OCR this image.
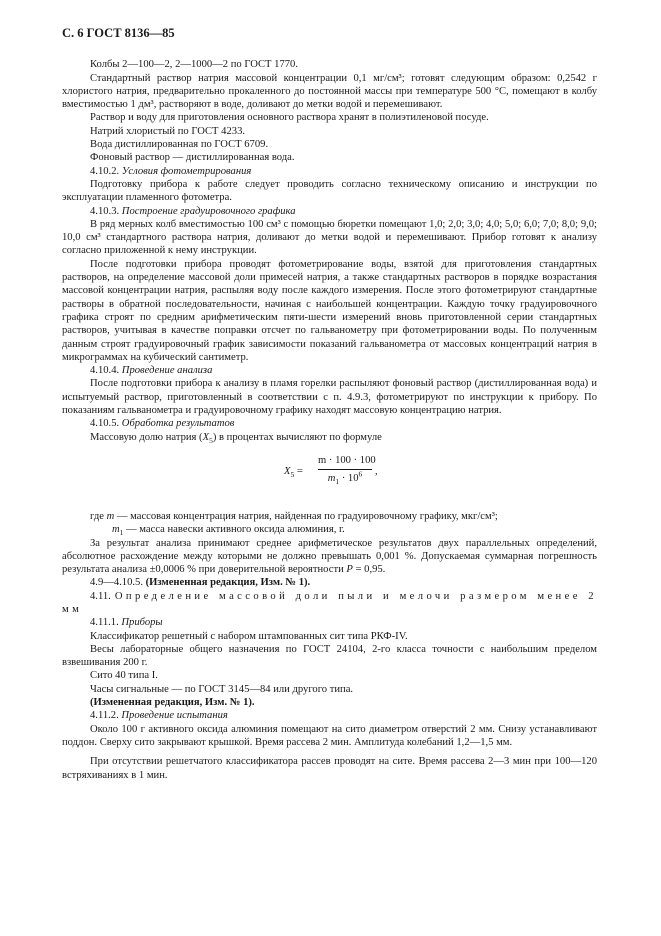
С. 6 ГОСТ 8136—85

Колбы 2—100—2, 2—1000—2 по ГОСТ 1770.

Стандартный раствор натрия массовой концентрации 0,1 мг/см³; готовят следующим образом: 0,2542 г хлористого натрия, предварительно прокаленного до постоянной массы при температуре 500 °С, помещают в колбу вместимостью 1 дм³, растворяют в воде, доливают до метки водой и перемешивают.

Раствор и воду для приготовления основного раствора хранят в полиэтиленовой посуде.

Натрий хлористый по ГОСТ 4233.

Вода дистиллированная по ГОСТ 6709.

Фоновый раствор — дистиллированная вода.

4.10.2. Условия фотометрирования

Подготовку прибора к работе следует проводить согласно техническому описанию и инструкции по эксплуатации пламенного фотометра.

4.10.3. Построение градуировочного графика

В ряд мерных колб вместимостью 100 см³ с помощью бюретки помещают 1,0; 2,0; 3,0; 4,0; 5,0; 6,0; 7,0; 8,0; 9,0; 10,0 см³ стандартного раствора натрия, доливают до метки водой и перемешивают. Прибор готовят к анализу согласно приложенной к нему инструкции.

После подготовки прибора проводят фотометрирование воды, взятой для приготовления стандартных растворов, на определение массовой доли примесей натрия, а также стандартных растворов в порядке возрастания массовой концентрации натрия, распыляя воду после каждого измерения. После этого фотометрируют стандартные растворы в обратной последовательности, начиная с наибольшей концентрации. Каждую точку градуировочного графика строят по средним арифметическим пяти-шести измерений вновь приготовленной серии стандартных растворов, учитывая в качестве поправки отсчет по гальванометру при фотометрировании воды. По полученным данным строят градуировочный график зависимости показаний гальванометра от массовых концентраций натрия в микрограммах на кубический сантиметр.

4.10.4. Проведение анализа

После подготовки прибора к анализу в пламя горелки распыляют фоновый раствор (дистиллированная вода) и испытуемый раствор, приготовленный в соответствии с п. 4.9.3, фотометрируют по инструкции к прибору. По показаниям гальванометра и градуировочному графику находят массовую концентрацию натрия.

4.10.5. Обработка результатов

Массовую долю натрия $(X_5)$ в процентах вычисляют по формуле

$X_5 = \frac{m \cdot 100 \cdot 100}{m_1 \cdot 10^6}$ ,

где m — массовая концентрация натрия, найденная по градуировочному графику, мкг/см³;

$m_1$ — масса навески активного оксида алюминия, г.

За результат анализа принимают среднее арифметическое результатов двух параллельных определений, абсолютное расхождение между которыми не должно превышать 0,001 %. Допускаемая суммарная погрешность результата анализа ±0,0006 % при доверительной вероятности P = 0,95.

4.9—4.10.5. (Измененная редакция, Изм. № 1).

4.11. Определение массовой доли пыли и мелочи размером менее 2 мм

4.11.1. Приборы

Классификатор решетный с набором штампованных сит типа РКФ-IV.

Весы лабораторные общего назначения по ГОСТ 24104, 2-го класса точности с наибольшим пределом взвешивания 200 г.

Сито 40 типа I.

Часы сигнальные — по ГОСТ 3145—84 или другого типа.

(Измененная редакция, Изм. № 1).

4.11.2. Проведение испытания

Около 100 г активного оксида алюминия помещают на сито диаметром отверстий 2 мм. Снизу устанавливают поддон. Сверху сито закрывают крышкой. Время рассева 2 мин. Амплитуда колебаний 1,2—1,5 мм.

При отсутствии решетчатого классификатора рассев проводят на сите. Время рассева 2—3 мин при 100—120 встряхиваниях в 1 мин.
